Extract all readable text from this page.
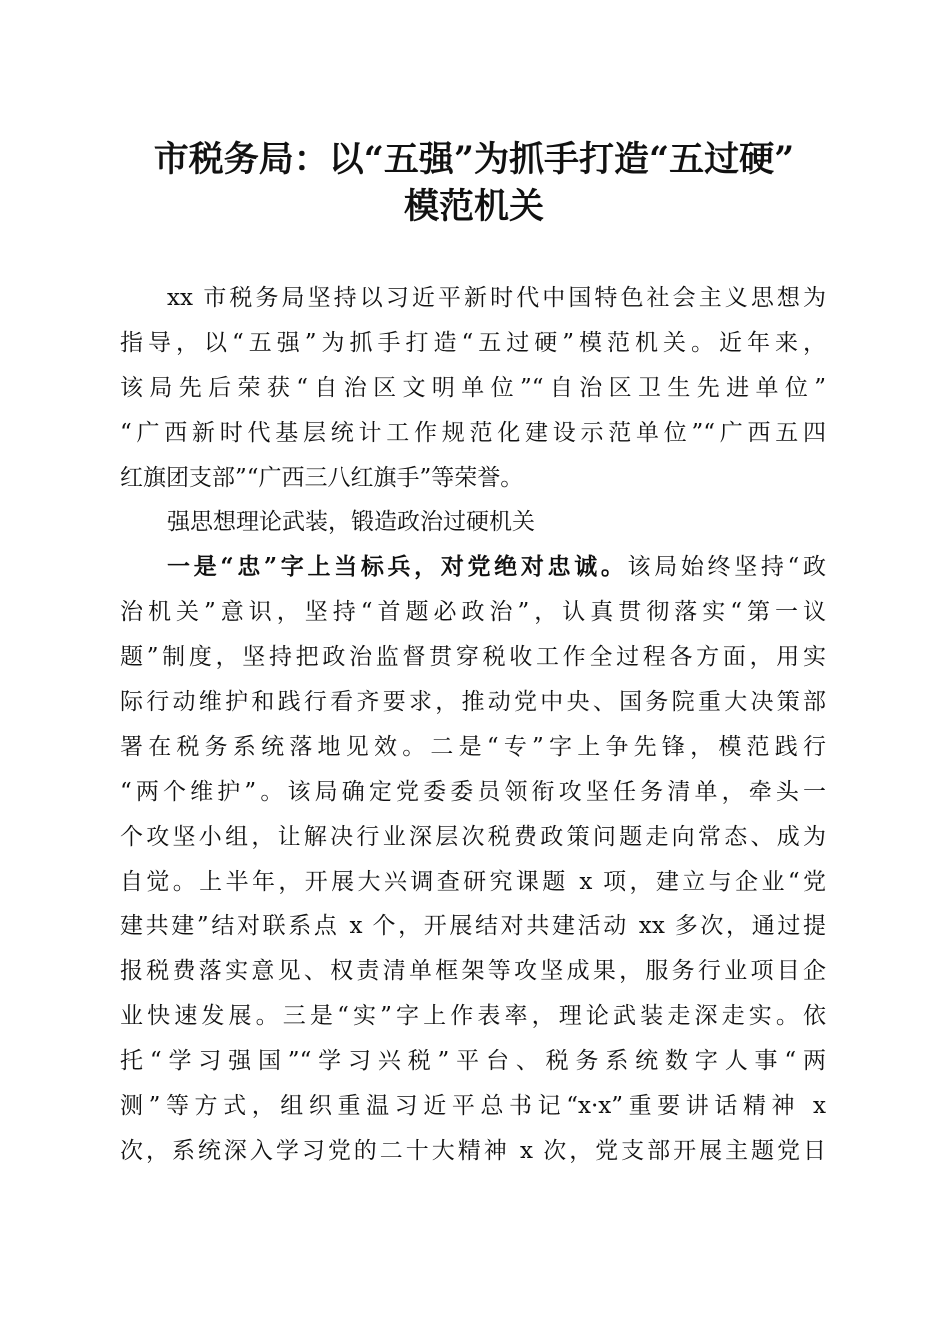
市税务局：以“五强”为抓手打造“五过硬”
模范机关
xx 市税务局坚持以习近平新时代中国特色社会主义思想为
指导，以“五强”为抓手打造“五过硬”模范机关。近年来，
该局先后荣获“自治区文明单位”“自治区卫生先进单位”
“广西新时代基层统计工作规范化建设示范单位”“广西五四
红旗团支部”“广西三八红旗手”等荣誉。
强思想理论武装，锻造政治过硬机关
一是“忠”字上当标兵，对党绝对忠诚。该局始终坚持“政
治机关”意识，坚持“首题必政治”，认真贯彻落实“第一议
题”制度，坚持把政治监督贯穿税收工作全过程各方面，用实
际行动维护和践行看齐要求，推动党中央、国务院重大决策部
署在税务系统落地见效。二是“专”字上争先锋，模范践行
“两个维护”。该局确定党委委员领衔攻坚任务清单，牵头一
个攻坚小组，让解决行业深层次税费政策问题走向常态、成为
自觉。上半年，开展大兴调查研究课题 x 项，建立与企业“党
建共建”结对联系点 x 个，开展结对共建活动 xx 多次，通过提
报税费落实意见、权责清单框架等攻坚成果，服务行业项目企
业快速发展。三是“实”字上作表率，理论武装走深走实。依
托“学习强国”“学习兴税”平台、税务系统数字人事“两
测”等方式，组织重温习近平总书记“x·x”重要讲话精神 x
次，系统深入学习党的二十大精神 x 次，党支部开展主题党日
